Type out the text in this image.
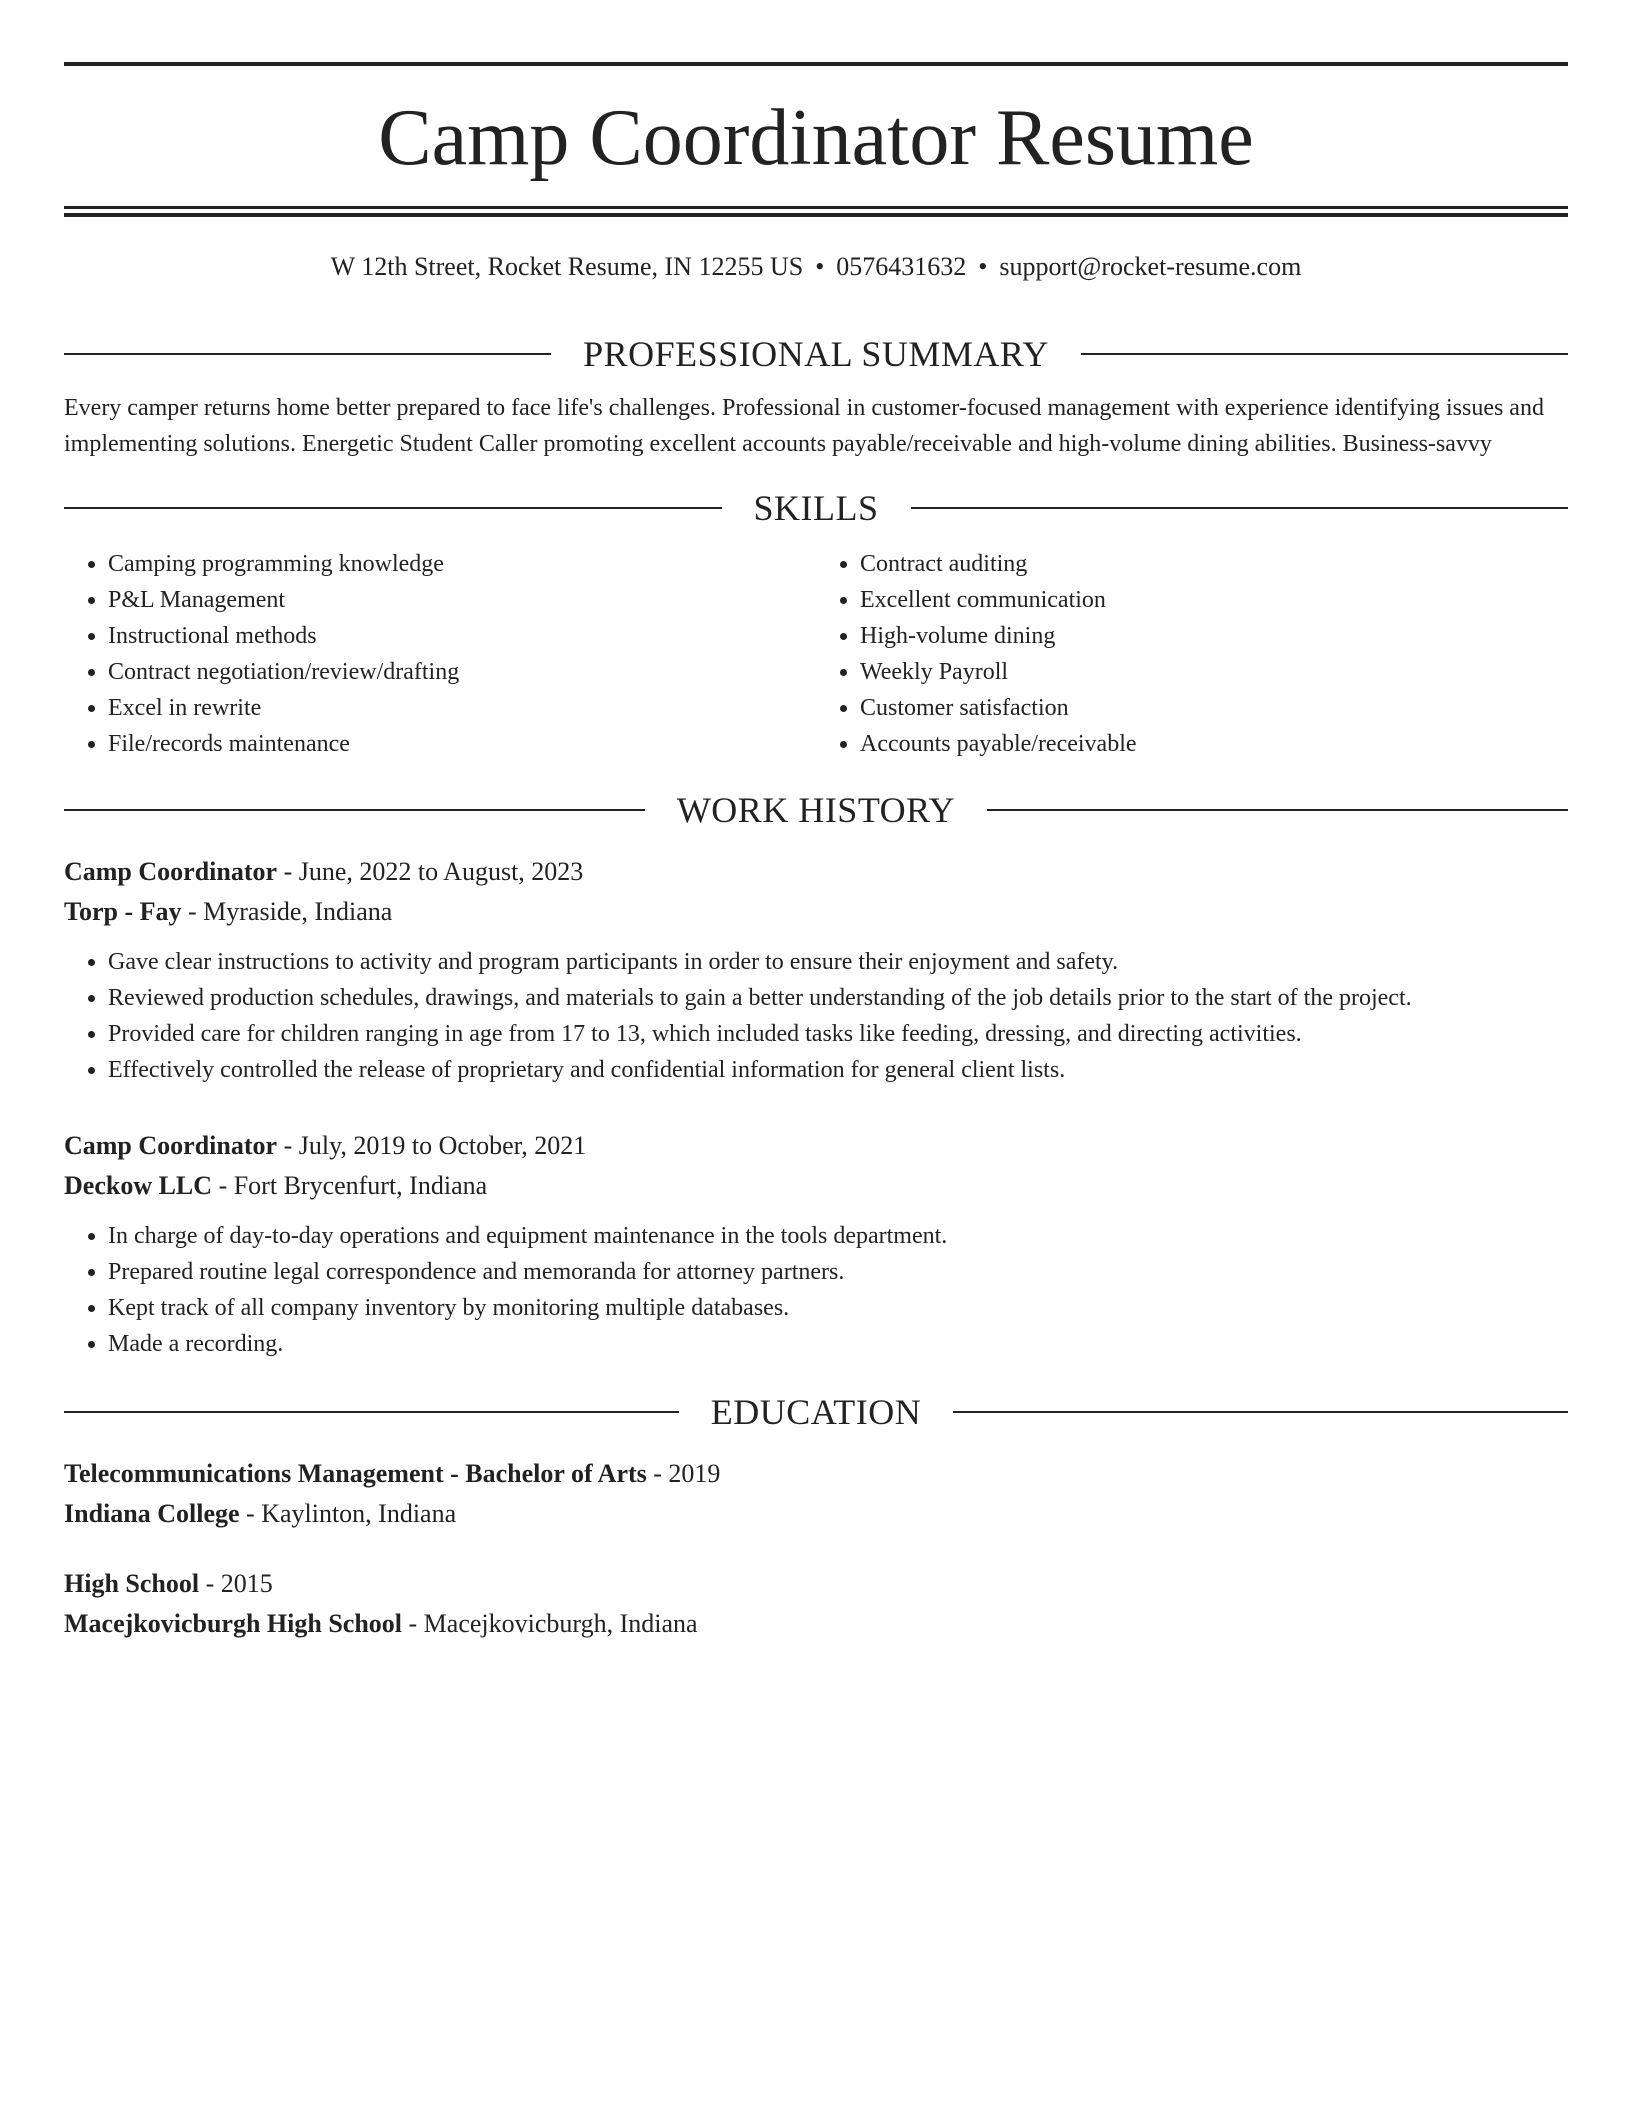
Camp Coordinator Resume
W 12th Street, Rocket Resume, IN 12255 US • 0576431632 • support@rocket-resume.com
PROFESSIONAL SUMMARY
Every camper returns home better prepared to face life's challenges. Professional in customer-focused management with experience identifying issues and implementing solutions. Energetic Student Caller promoting excellent accounts payable/receivable and high-volume dining abilities. Business-savvy
SKILLS
• Camping programming knowledge
• P&L Management
• Instructional methods
• Contract negotiation/review/drafting
• Excel in rewrite
• File/records maintenance
• Contract auditing
• Excellent communication
• High-volume dining
• Weekly Payroll
• Customer satisfaction
• Accounts payable/receivable
WORK HISTORY
Camp Coordinator - June, 2022 to August, 2023
Torp - Fay - Myraside, Indiana
• Gave clear instructions to activity and program participants in order to ensure their enjoyment and safety.
• Reviewed production schedules, drawings, and materials to gain a better understanding of the job details prior to the start of the project.
• Provided care for children ranging in age from 17 to 13, which included tasks like feeding, dressing, and directing activities.
• Effectively controlled the release of proprietary and confidential information for general client lists.
Camp Coordinator - July, 2019 to October, 2021
Deckow LLC - Fort Brycenfurt, Indiana
• In charge of day-to-day operations and equipment maintenance in the tools department.
• Prepared routine legal correspondence and memoranda for attorney partners.
• Kept track of all company inventory by monitoring multiple databases.
• Made a recording.
EDUCATION
Telecommunications Management - Bachelor of Arts - 2019
Indiana College - Kaylinton, Indiana
High School - 2015
Macejkovicburgh High School - Macejkovicburgh, Indiana
